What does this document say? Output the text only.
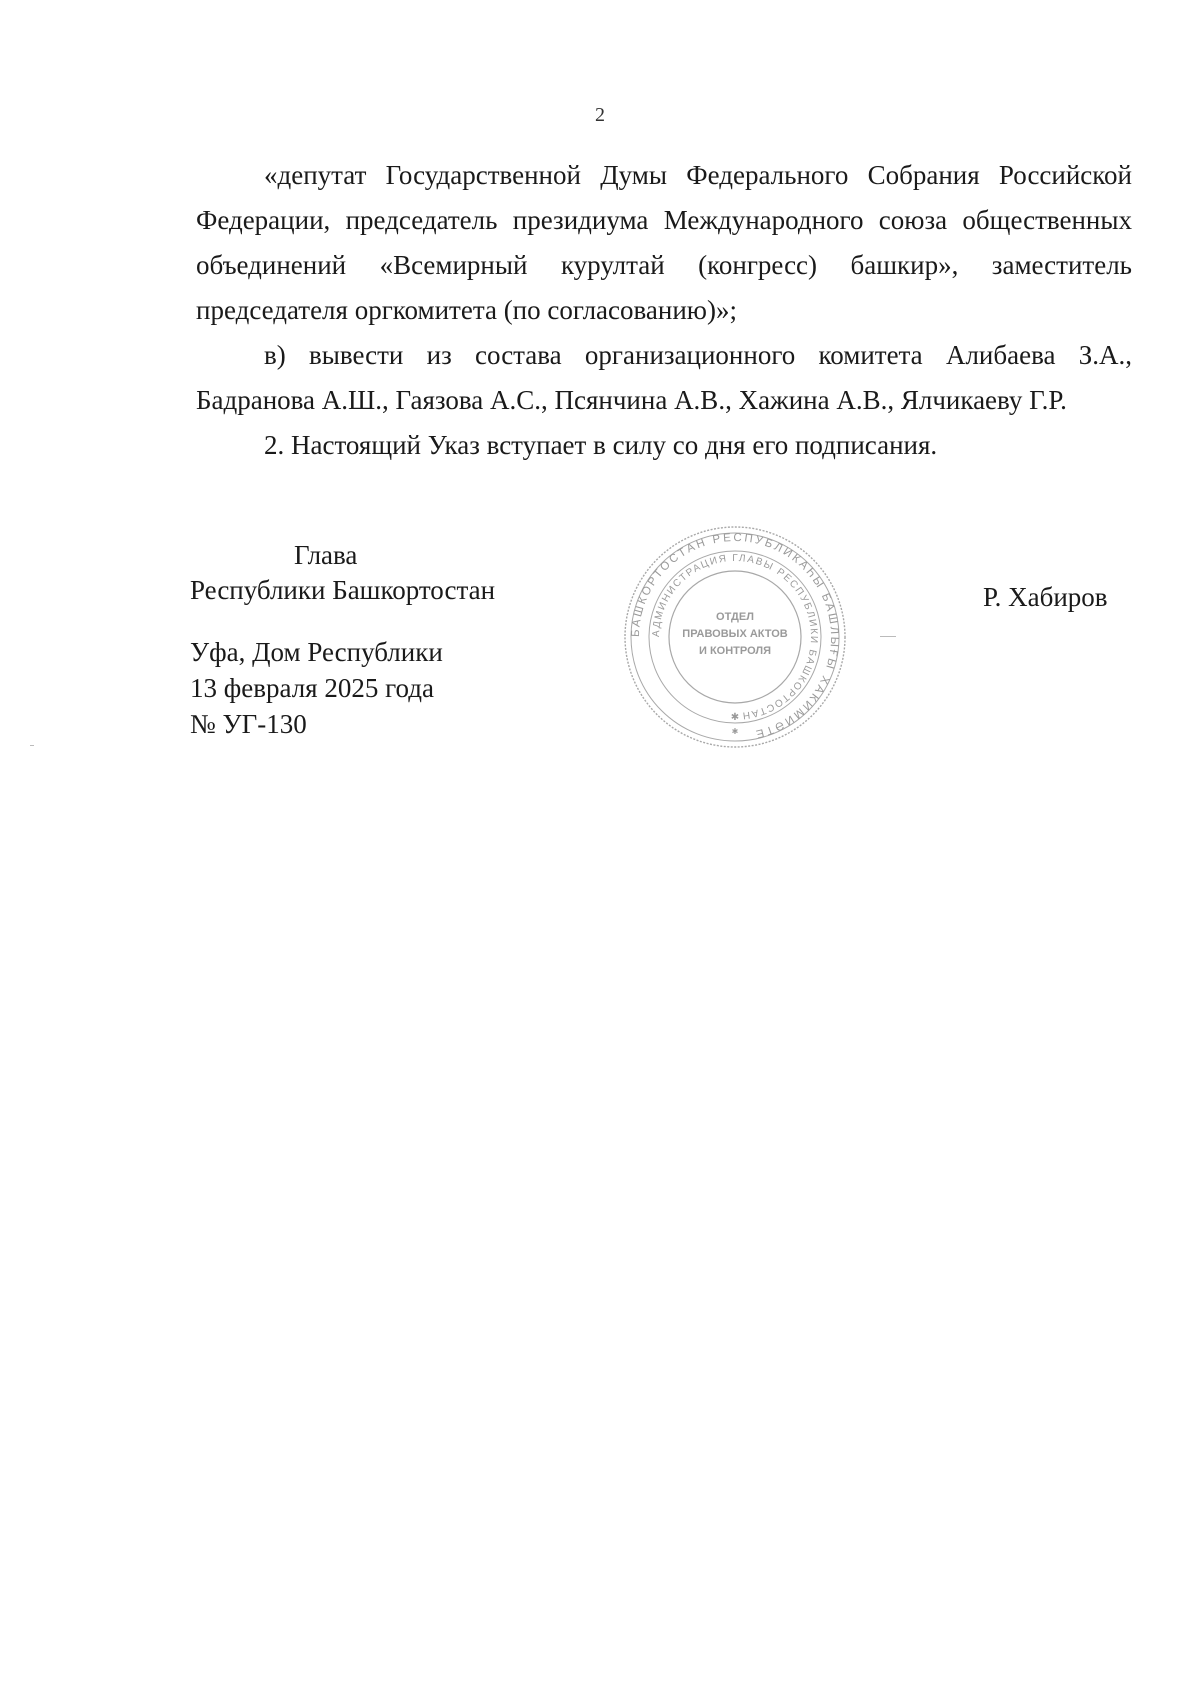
2

«депутат Государственной Думы Федерального Собрания Российской Федерации, председатель президиума Международного союза общественных объединений «Всемирный курултай (конгресс) башкир», заместитель председателя оргкомитета (по согласованию)»;

в) вывести из состава организационного комитета Алибаева З.А., Бадранова А.Ш., Гаязова А.С., Псянчина А.В., Хажина А.В., Ялчикаеву Г.Р.

2. Настоящий Указ вступает в силу со дня его подписания.

Глава
Республики Башкортостан	Р. Хабиров
Уфа, Дом Республики
13 февраля 2025 года
№ УГ-130
БАШКОРТОСТАН РЕСПУБЛИКАҺЫ БАШЛЫҒЫ ХАКИМИӘТЕ
АДМИНИСТРАЦИЯ ГЛАВЫ РЕСПУБЛИКИ БАШКОРТОСТАН
ОТДЕЛ
ПРАВОВЫХ АКТОВ
И КОНТРОЛЯ
✱
✱
